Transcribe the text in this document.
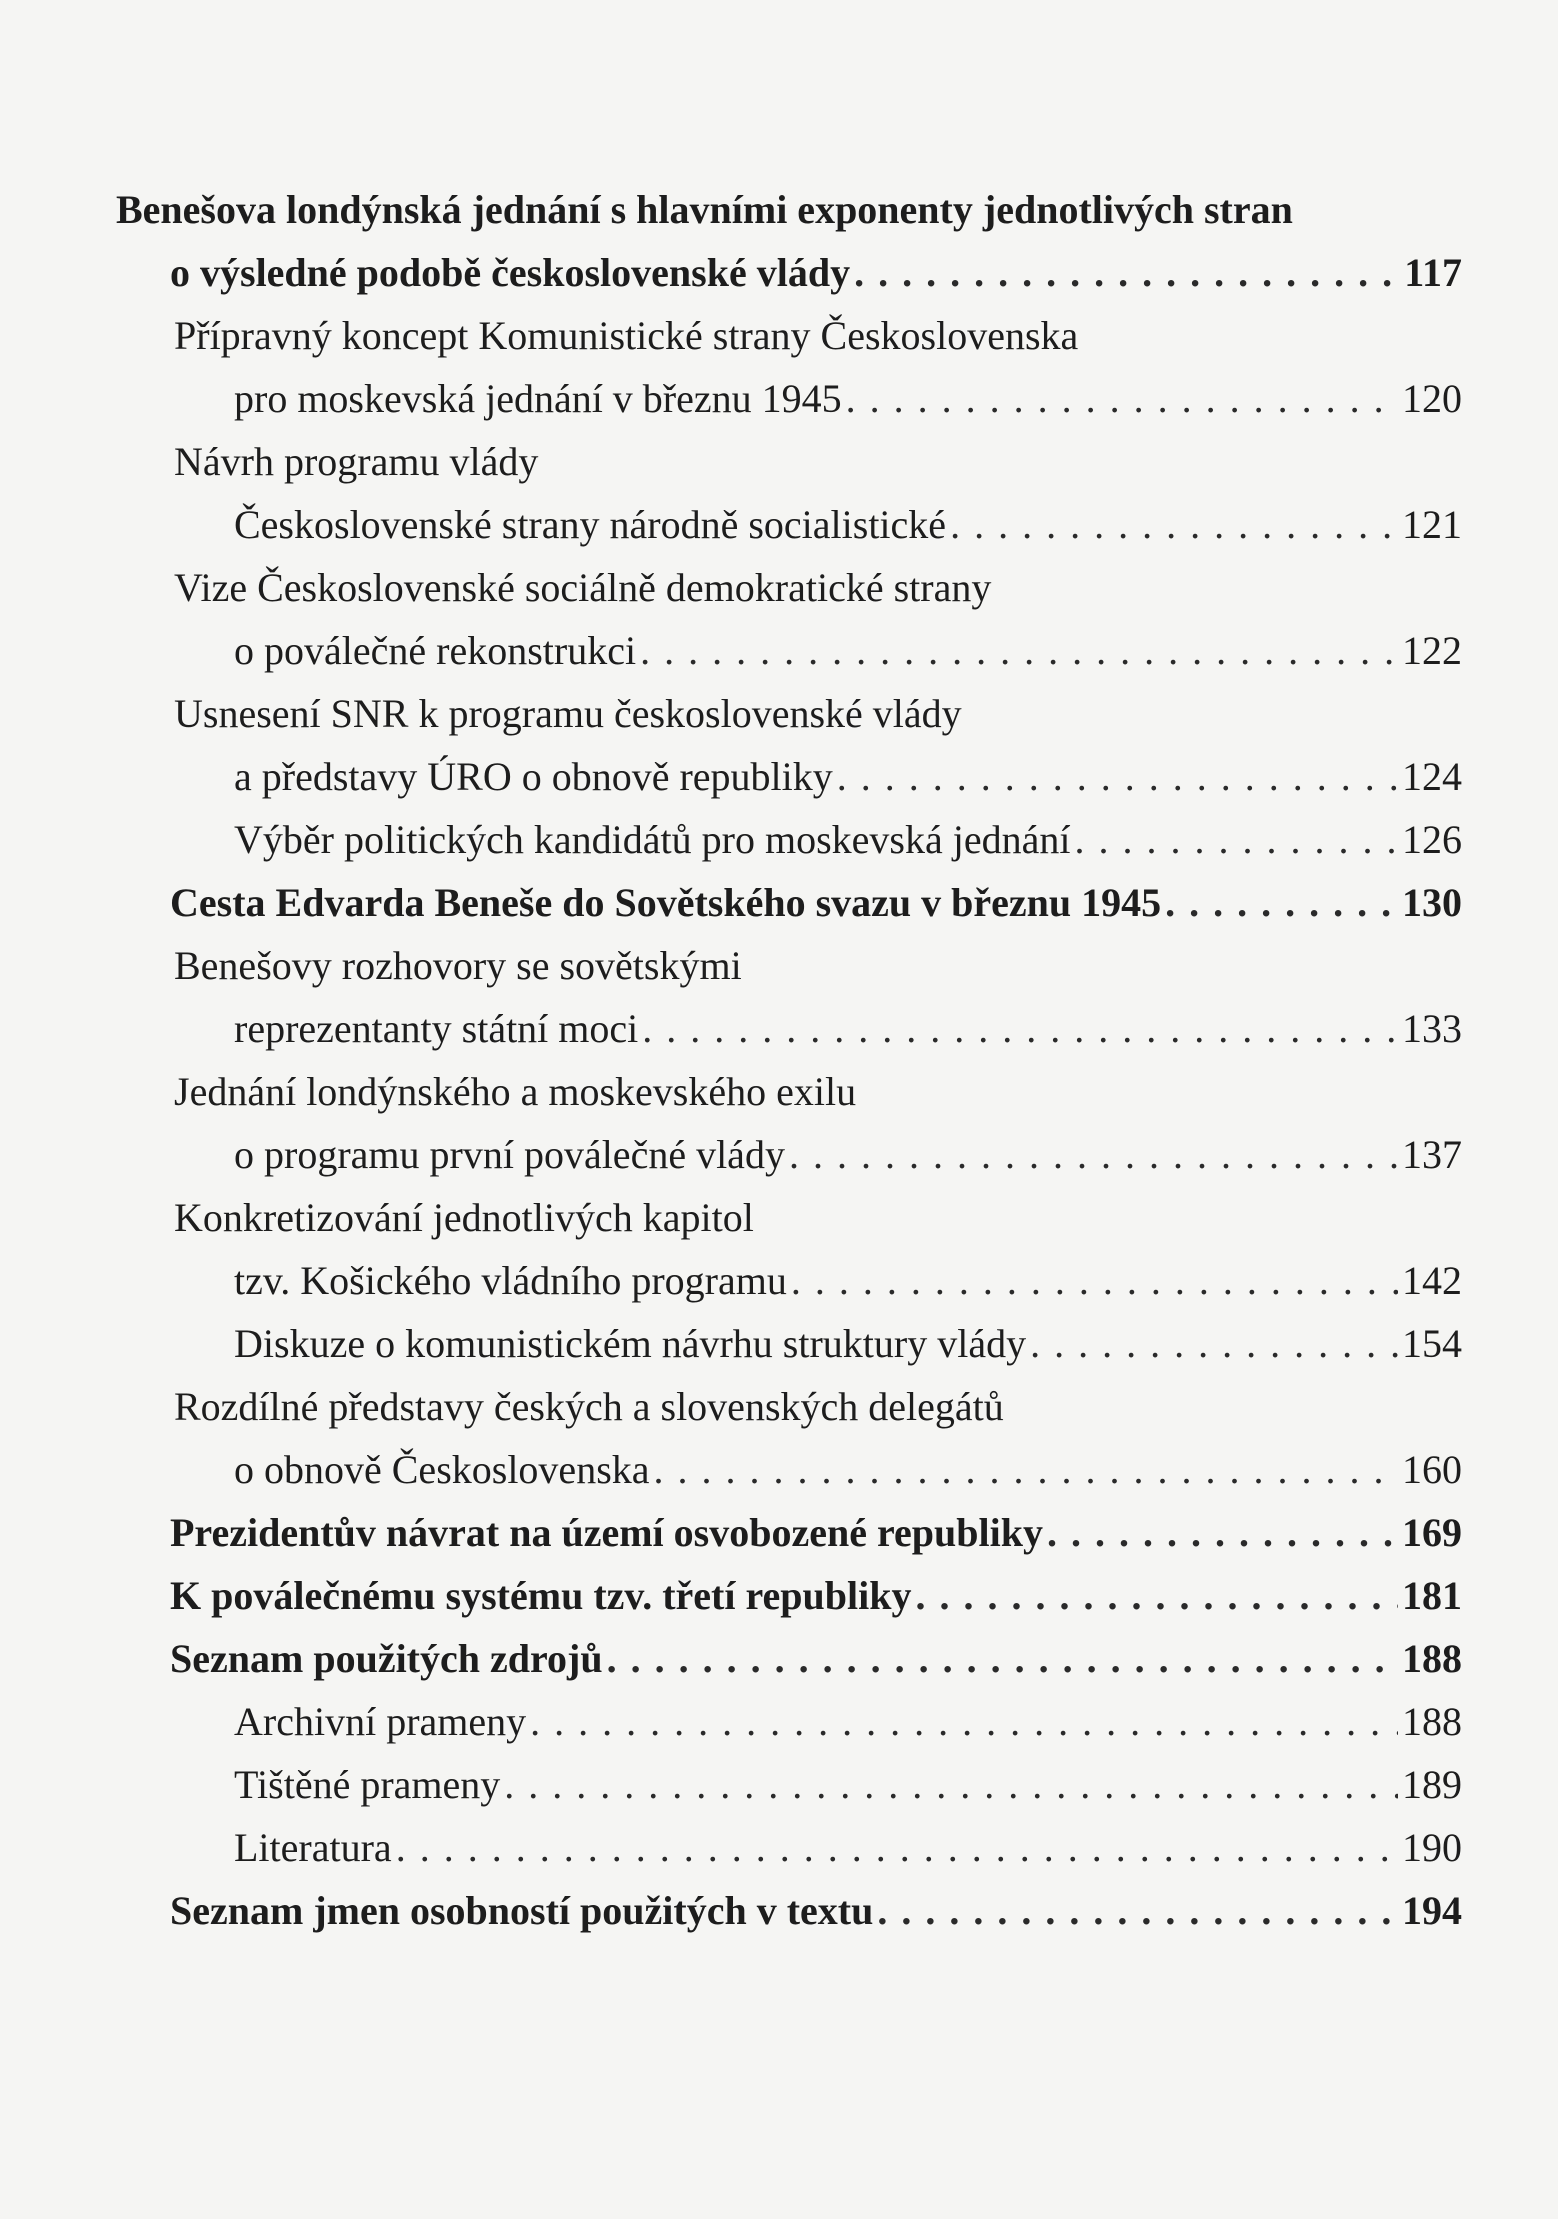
Benešova londýnská jednání s hlavními exponenty jednotlivých stran
o výsledné podobě československé vlády . . .	117
Přípravný koncept Komunistické strany Československa
pro moskevská jednání v březnu 1945 . . .	120
Návrh programu vlády
Československé strany národně socialistické . . .	121
Vize Československé sociálně demokratické strany
o poválečné rekonstrukci . . .	122
Usnesení SNR k programu československé vlády
a představy ÚRO o obnově republiky . . .	124
Výběr politických kandidátů pro moskevská jednání . . .	126
Cesta Edvarda Beneše do Sovětského svazu v březnu 1945 . . .	130
Benešovy rozhovory se sovětskými
reprezentanty státní moci . . .	133
Jednání londýnského a moskevského exilu
o programu první poválečné vlády . . .	137
Konkretizování jednotlivých kapitol
tzv. Košického vládního programu . . .	142
Diskuze o komunistickém návrhu struktury vlády . . .	154
Rozdílné představy českých a slovenských delegátů
o obnově Československa . . .	160
Prezidentův návrat na území osvobozené republiky . . .	169
K poválečnému systému tzv. třetí republiky . . .	181
Seznam použitých zdrojů . . .	188
Archivní prameny . . .	188
Tištěné prameny . . .	189
Literatura . . .	190
Seznam jmen osobností použitých v textu . . .	194
